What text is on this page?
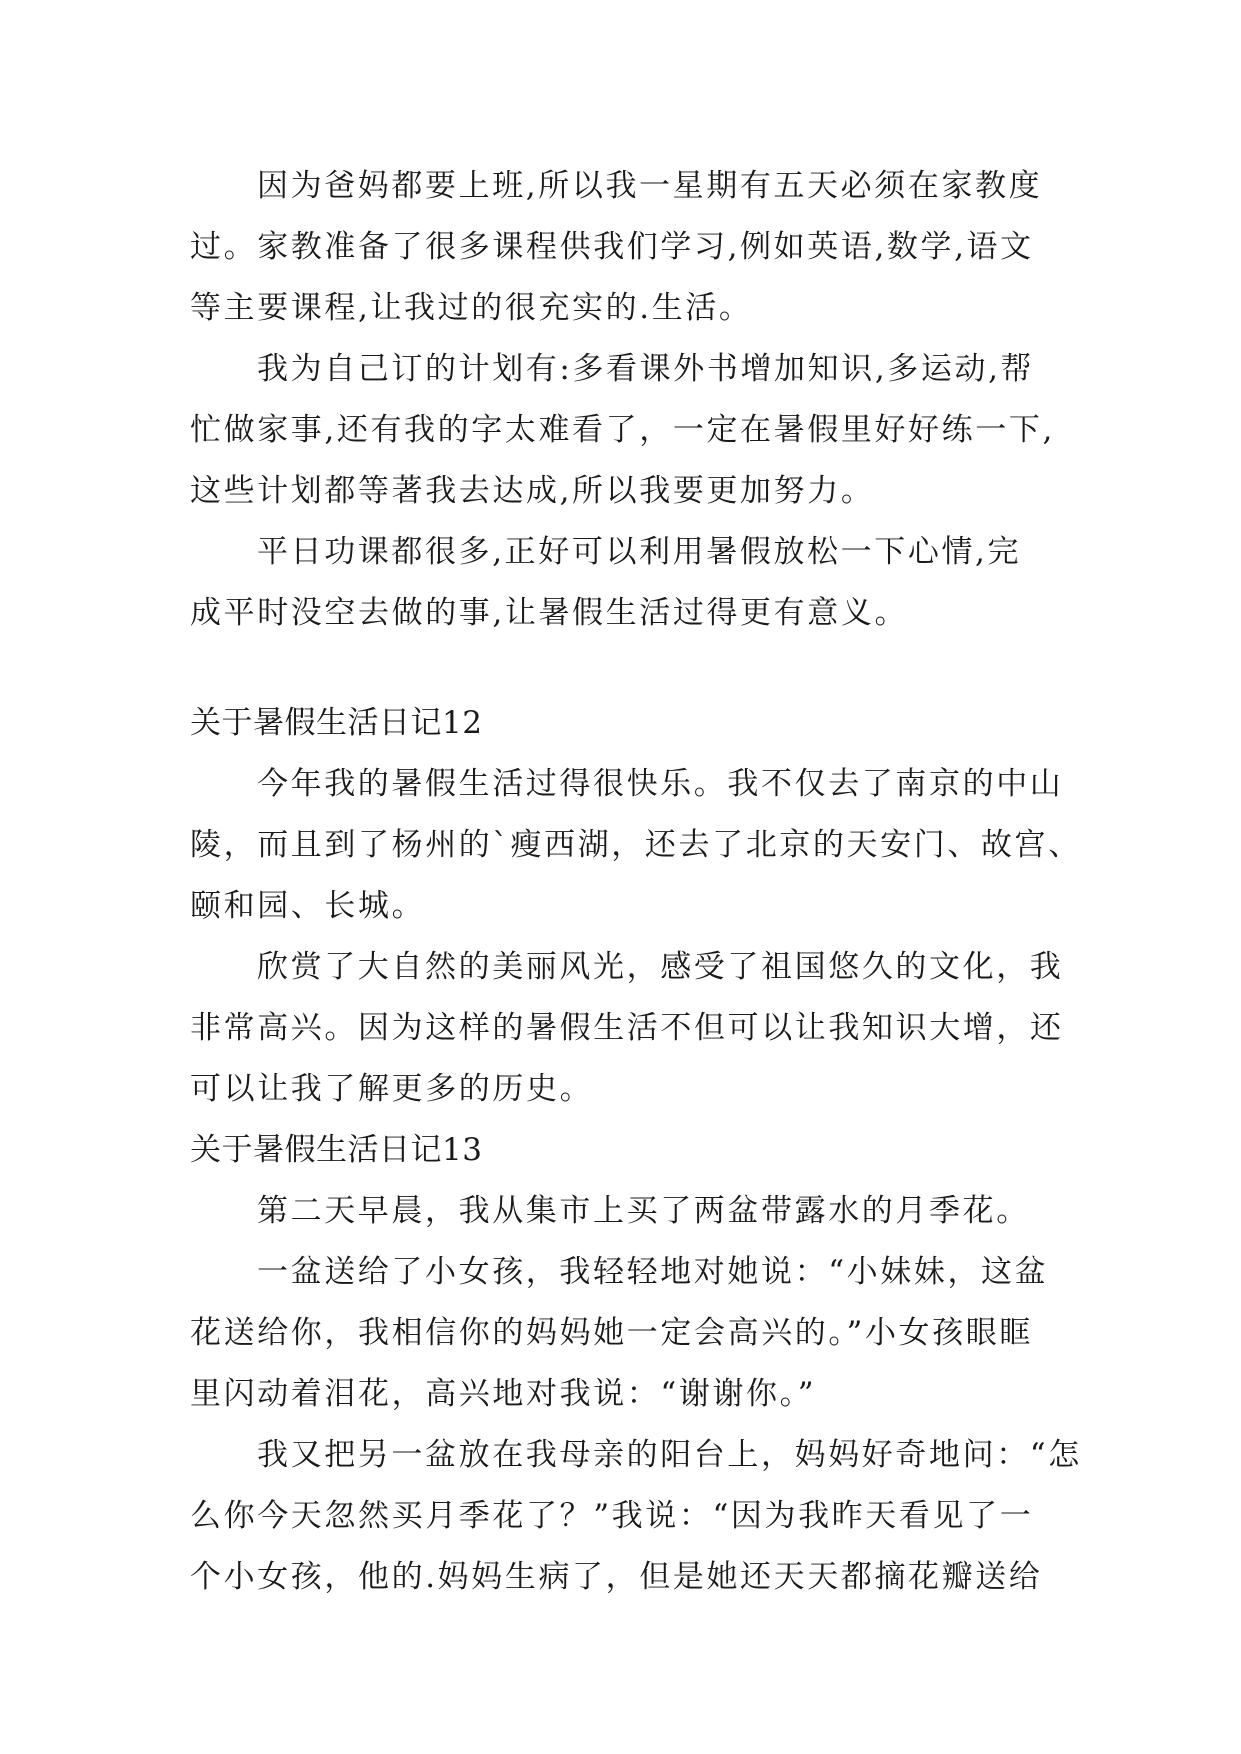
因为爸妈都要上班,所以我一星期有五天必须在家教度
过。家教准备了很多课程供我们学习,例如英语,数学,语文
等主要课程,让我过的很充实的.生活。
我为自己订的计划有:多看课外书增加知识,多运动,帮
忙做家事,还有我的字太难看了，一定在暑假里好好练一下,
这些计划都等著我去达成,所以我要更加努力。
平日功课都很多,正好可以利用暑假放松一下心情,完
成平时没空去做的事,让暑假生活过得更有意义。
关于暑假生活日记12
今年我的暑假生活过得很快乐。我不仅去了南京的中山
陵，而且到了杨州的`瘦西湖，还去了北京的天安门、故宫、
颐和园、长城。
欣赏了大自然的美丽风光，感受了祖国悠久的文化，我
非常高兴。因为这样的暑假生活不但可以让我知识大增，还
可以让我了解更多的历史。
关于暑假生活日记13
第二天早晨，我从集市上买了两盆带露水的月季花。
一盆送给了小女孩，我轻轻地对她说：“小妹妹，这盆
花送给你，我相信你的妈妈她一定会高兴的。”小女孩眼眶
里闪动着泪花，高兴地对我说：“谢谢你。”
我又把另一盆放在我母亲的阳台上，妈妈好奇地问：“怎
么你今天忽然买月季花了？”我说：“因为我昨天看见了一
个小女孩，他的.妈妈生病了，但是她还天天都摘花瓣送给
